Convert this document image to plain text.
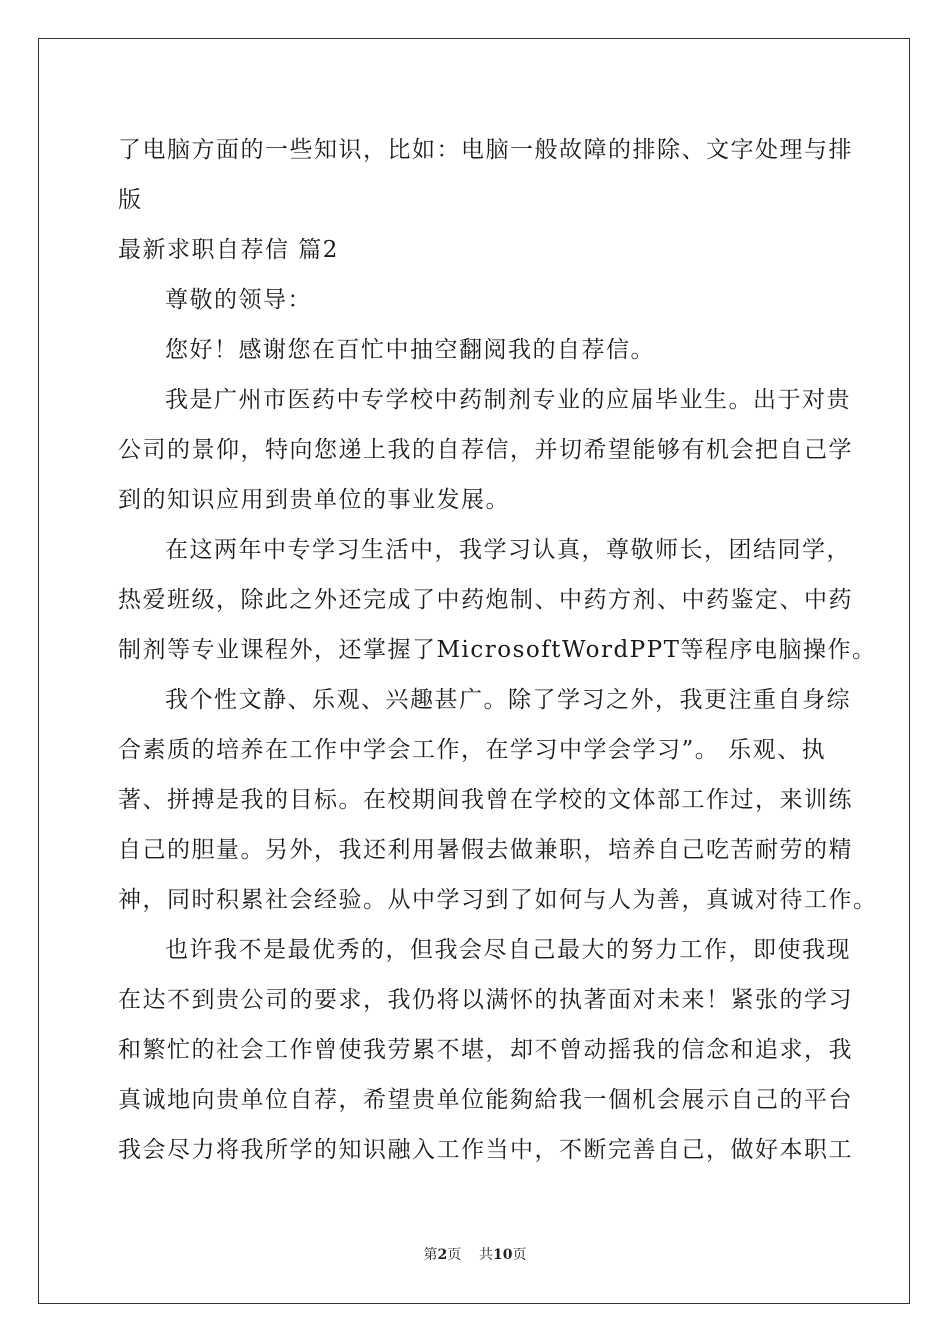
了电脑方面的一些知识，比如：电脑一般故障的排除、文字处理与排
版
最新求职自荐信 篇2
尊敬的领导：
您好！感谢您在百忙中抽空翻阅我的自荐信。
我是广州市医药中专学校中药制剂专业的应届毕业生。出于对贵
公司的景仰，特向您递上我的自荐信，并切希望能够有机会把自己学
到的知识应用到贵单位的事业发展。
在这两年中专学习生活中，我学习认真，尊敬师长，团结同学，
热爱班级，除此之外还完成了中药炮制、中药方剂、中药鉴定、中药
制剂等专业课程外，还掌握了MicrosoftWordPPT等程序电脑操作。
我个性文静、乐观、兴趣甚广。除了学习之外，我更注重自身综
合素质的培养在工作中学会工作，在学习中学会学习”。 乐观、执
著、拼搏是我的目标。在校期间我曾在学校的文体部工作过，来训练
自己的胆量。另外，我还利用暑假去做兼职，培养自己吃苦耐劳的精
神，同时积累社会经验。从中学习到了如何与人为善，真诚对待工作。
也许我不是最优秀的，但我会尽自己最大的努力工作，即使我现
在达不到贵公司的要求，我仍将以满怀的执著面对未来！紧张的学习
和繁忙的社会工作曾使我劳累不堪，却不曾动摇我的信念和追求，我
真诚地向贵单位自荐，希望贵单位能夠給我一個机会展示自己的平台
我会尽力将我所学的知识融入工作当中，不断完善自己，做好本职工
第2页 共10页
